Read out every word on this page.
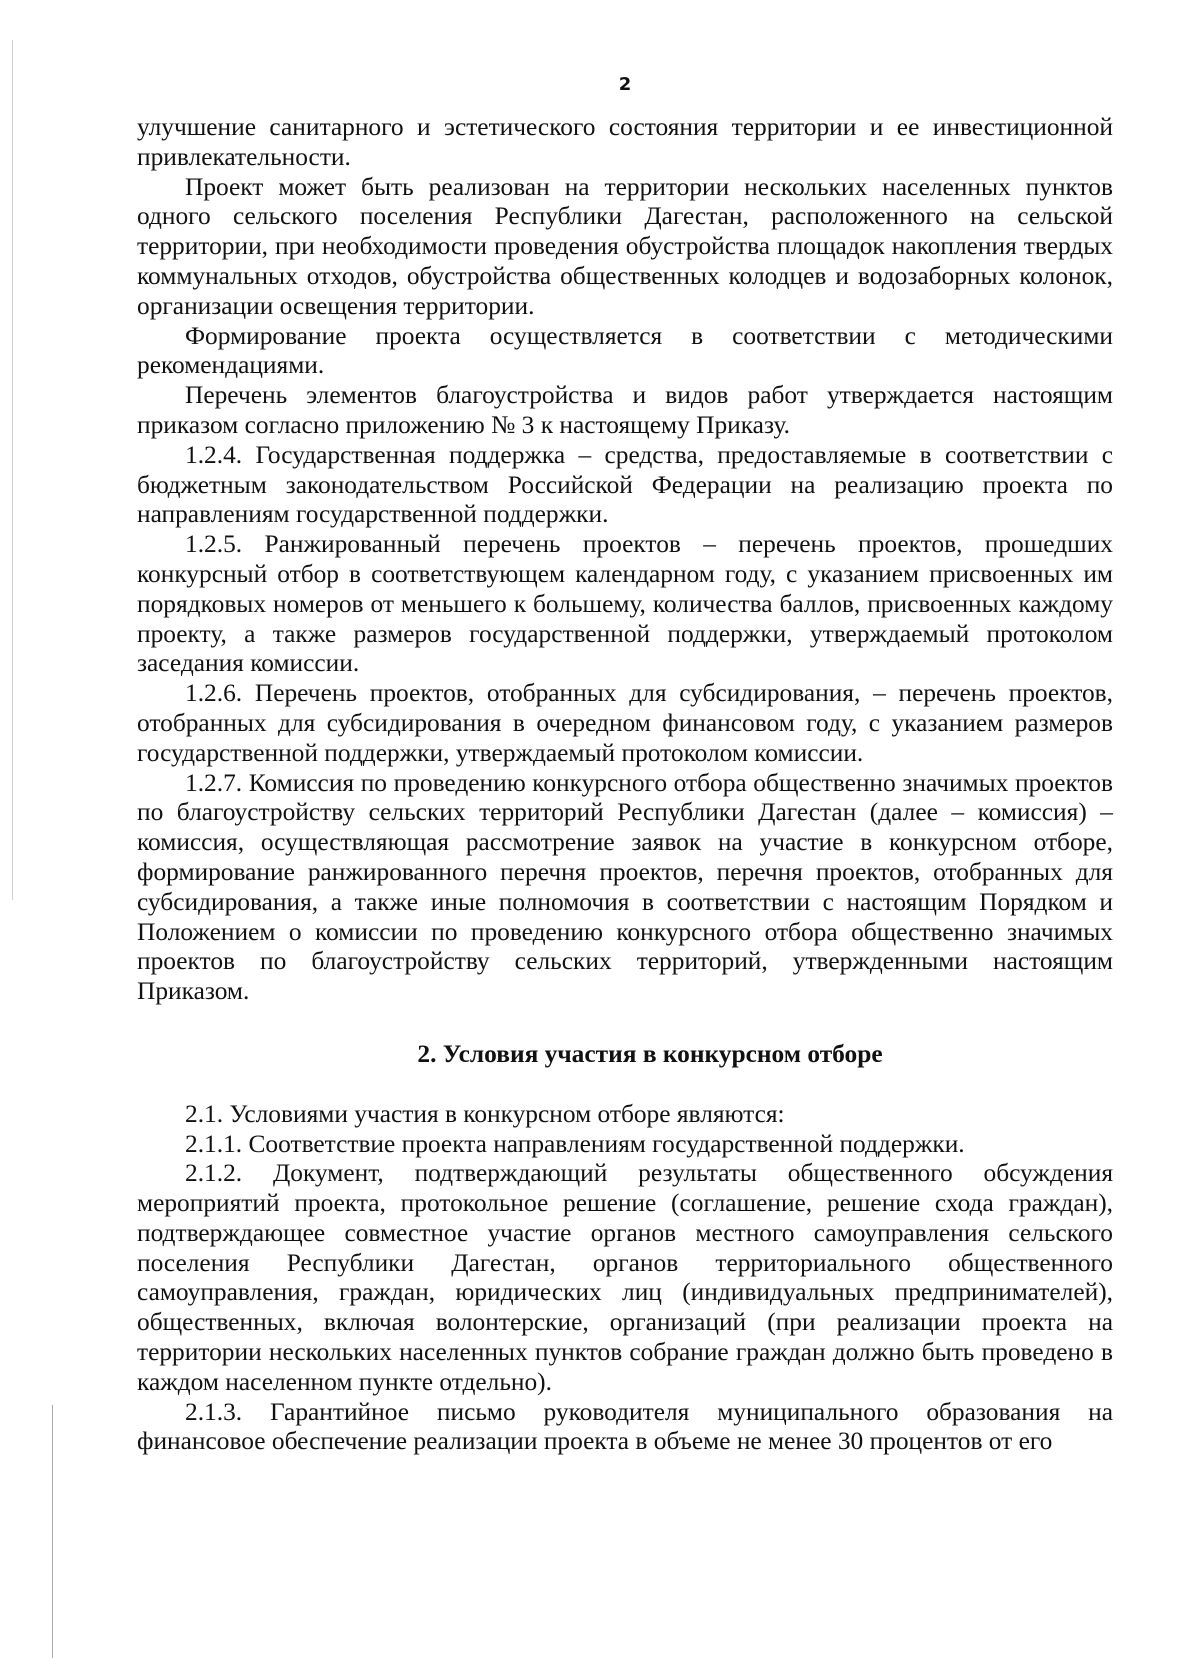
2

улучшение санитарного и эстетического состояния территории и ее инвестиционной привлекательности.

Проект может быть реализован на территории нескольких населенных пунктов одного сельского поселения Республики Дагестан, расположенного на сельской территории, при необходимости проведения обустройства площадок накопления твердых коммунальных отходов, обустройства общественных колодцев и водозаборных колонок, организации освещения территории.

Формирование проекта осуществляется в соответствии с методическими рекомендациями.

Перечень элементов благоустройства и видов работ утверждается настоящим приказом согласно приложению № 3 к настоящему Приказу.

1.2.4. Государственная поддержка – средства, предоставляемые в соответствии с бюджетным законодательством Российской Федерации на реализацию проекта по направлениям государственной поддержки.

1.2.5. Ранжированный перечень проектов – перечень проектов, прошедших конкурсный отбор в соответствующем календарном году, с указанием присвоенных им порядковых номеров от меньшего к большему, количества баллов, присвоенных каждому проекту, а также размеров государственной поддержки, утверждаемый протоколом заседания комиссии.

1.2.6. Перечень проектов, отобранных для субсидирования, – перечень проектов, отобранных для субсидирования в очередном финансовом году, с указанием размеров государственной поддержки, утверждаемый протоколом комиссии.

1.2.7. Комиссия по проведению конкурсного отбора общественно значимых проектов по благоустройству сельских территорий Республики Дагестан (далее – комиссия) – комиссия, осуществляющая рассмотрение заявок на участие в конкурсном отборе, формирование ранжированного перечня проектов, перечня проектов, отобранных для субсидирования, а также иные полномочия в соответствии с настоящим Порядком и Положением о комиссии по проведению конкурсного отбора общественно значимых проектов по благоустройству сельских территорий, утвержденными настоящим Приказом.

2. Условия участия в конкурсном отборе

2.1. Условиями участия в конкурсном отборе являются:

2.1.1. Соответствие проекта направлениям государственной поддержки.

2.1.2. Документ, подтверждающий результаты общественного обсуждения мероприятий проекта, протокольное решение (соглашение, решение схода граждан), подтверждающее совместное участие органов местного самоуправления сельского поселения Республики Дагестан, органов территориального общественного самоуправления, граждан, юридических лиц (индивидуальных предпринимателей), общественных, включая волонтерские, организаций (при реализации проекта на территории нескольких населенных пунктов собрание граждан должно быть проведено в каждом населенном пункте отдельно).

2.1.3. Гарантийное письмо руководителя муниципального образования на финансовое обеспечение реализации проекта в объеме не менее 30 процентов от его
